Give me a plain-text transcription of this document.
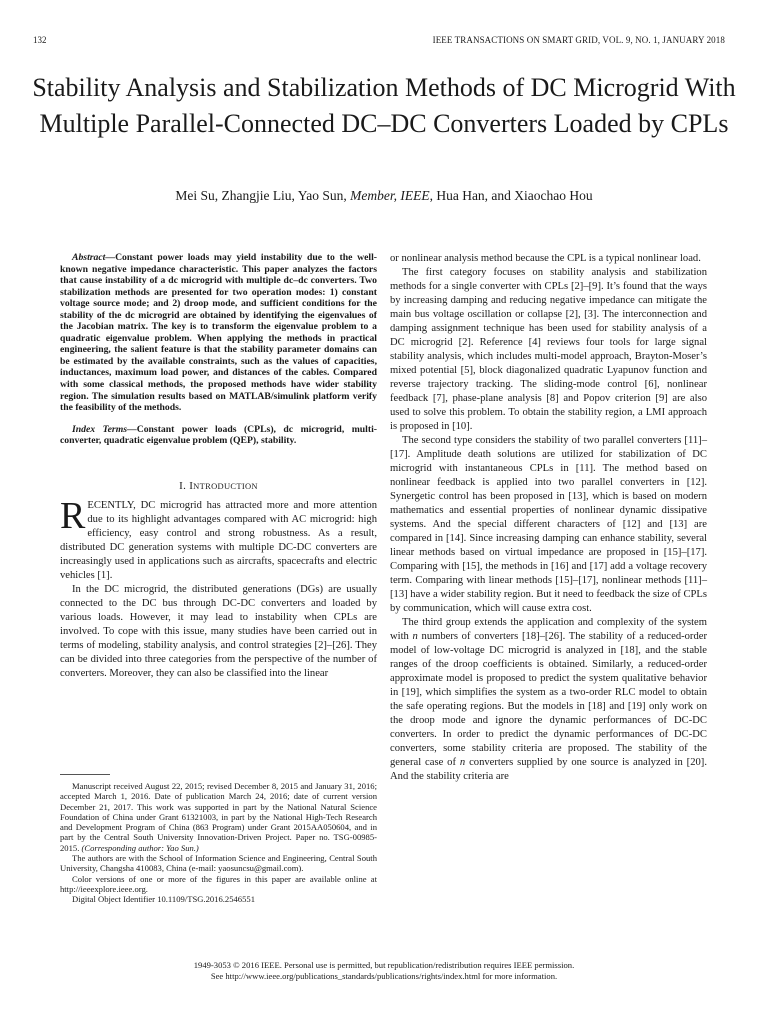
132	IEEE TRANSACTIONS ON SMART GRID, VOL. 9, NO. 1, JANUARY 2018
Stability Analysis and Stabilization Methods of DC Microgrid With Multiple Parallel-Connected DC–DC Converters Loaded by CPLs
Mei Su, Zhangjie Liu, Yao Sun, Member, IEEE, Hua Han, and Xiaochao Hou

Abstract—Constant power loads may yield instability due to the well-known negative impedance characteristic. This paper analyzes the factors that cause instability of a dc microgrid with multiple dc–dc converters. Two stabilization methods are presented for two operation modes: 1) constant voltage source mode; and 2) droop mode, and sufficient conditions for the stability of the dc microgrid are obtained by identifying the eigenvalues of the Jacobian matrix. The key is to transform the eigenvalue problem to a quadratic eigenvalue problem. When applying the methods in practical engineering, the salient feature is that the stability parameter domains can be estimated by the available constraints, such as the values of capacities, inductances, maximum load power, and distances of the cables. Compared with some classical methods, the proposed methods have wider stability region. The simulation results based on MATLAB/simulink platform verify the feasibility of the methods.

Index Terms—Constant power loads (CPLs), dc microgrid, multi-converter, quadratic eigenvalue problem (QEP), stability.

I. INTRODUCTION

RECENTLY, DC microgrid has attracted more and more attention due to its highlight advantages compared with AC microgrid: high efficiency, easy control and strong robustness. As a result, distributed DC generation systems with multiple DC-DC converters are increasingly used in applications such as aircrafts, spacecrafts and electric vehicles [1].

In the DC microgrid, the distributed generations (DGs) are usually connected to the DC bus through DC-DC converters and loaded by various loads. However, it may lead to instability when CPLs are involved. To cope with this issue, many studies have been carried out in terms of modeling, stability analysis, and control strategies [2]–[26]. They can be divided into three categories from the perspective of the number of converters. Moreover, they can also be classified into the linear

Manuscript received August 22, 2015; revised December 8, 2015 and January 31, 2016; accepted March 1, 2016. Date of publication March 24, 2016; date of current version December 21, 2017. This work was supported in part by the National Natural Science Foundation of China under Grant 61321003, in part by the National High-Tech Research and Development Program of China (863 Program) under Grant 2015AA050604, and in part by the Central South University Innovation-Driven Project. Paper no. TSG-00985-2015. (Corresponding author: Yao Sun.)

The authors are with the School of Information Science and Engineering, Central South University, Changsha 410083, China (e-mail: yaosuncsu@gmail.com).

Color versions of one or more of the figures in this paper are available online at http://ieeexplore.ieee.org.

Digital Object Identifier 10.1109/TSG.2016.2546551

or nonlinear analysis method because the CPL is a typical nonlinear load.

The first category focuses on stability analysis and stabilization methods for a single converter with CPLs [2]–[9]. It’s found that the ways by increasing damping and reducing negative impedance can mitigate the main bus voltage oscillation or collapse [2], [3]. The interconnection and damping assignment technique has been used for stability analysis of a DC microgrid [2]. Reference [4] reviews four tools for large signal stability analysis, which includes multi-model approach, Brayton-Moser’s mixed potential [5], block diagonalized quadratic Lyapunov function and reverse trajectory tracking. The sliding-mode control [6], nonlinear feedback [7], phase-plane analysis [8] and Popov criterion [9] are also used to solve this problem. To obtain the stability region, a LMI approach is proposed in [10].

The second type considers the stability of two parallel converters [11]–[17]. Amplitude death solutions are utilized for stabilization of DC microgrid with instantaneous CPLs in [11]. The method based on nonlinear feedback is applied into two parallel converters in [12]. Synergetic control has been proposed in [13], which is based on modern mathematics and essential properties of nonlinear dynamic dissipative systems. And the special different characters of [12] and [13] are compared in [14]. Since increasing damping can enhance stability, several linear methods based on virtual impedance are proposed in [15]–[17]. Comparing with [15], the methods in [16] and [17] add a voltage recovery term. Comparing with linear methods [15]–[17], nonlinear methods [11]–[13] have a wider stability region. But it need to feedback the size of CPLs by communication, which will cause extra cost.

The third group extends the application and complexity of the system with n numbers of converters [18]–[26]. The stability of a reduced-order model of low-voltage DC microgrid is analyzed in [18], and the stable ranges of the droop coefficients is obtained. Similarly, a reduced-order approximate model is proposed to predict the system qualitative behavior in [19], which simplifies the system as a two-order RLC model to obtain the safe operating regions. But the models in [18] and [19] only work on the droop mode and ignore the dynamic performances of DC-DC converters. In order to predict the dynamic performances of DC-DC converters, some stability criteria are proposed. The stability of the general case of n converters supplied by one source is analyzed in [20]. And the stability criteria are

1949-3053 © 2016 IEEE. Personal use is permitted, but republication/redistribution requires IEEE permission.
See http://www.ieee.org/publications_standards/publications/rights/index.html for more information.
